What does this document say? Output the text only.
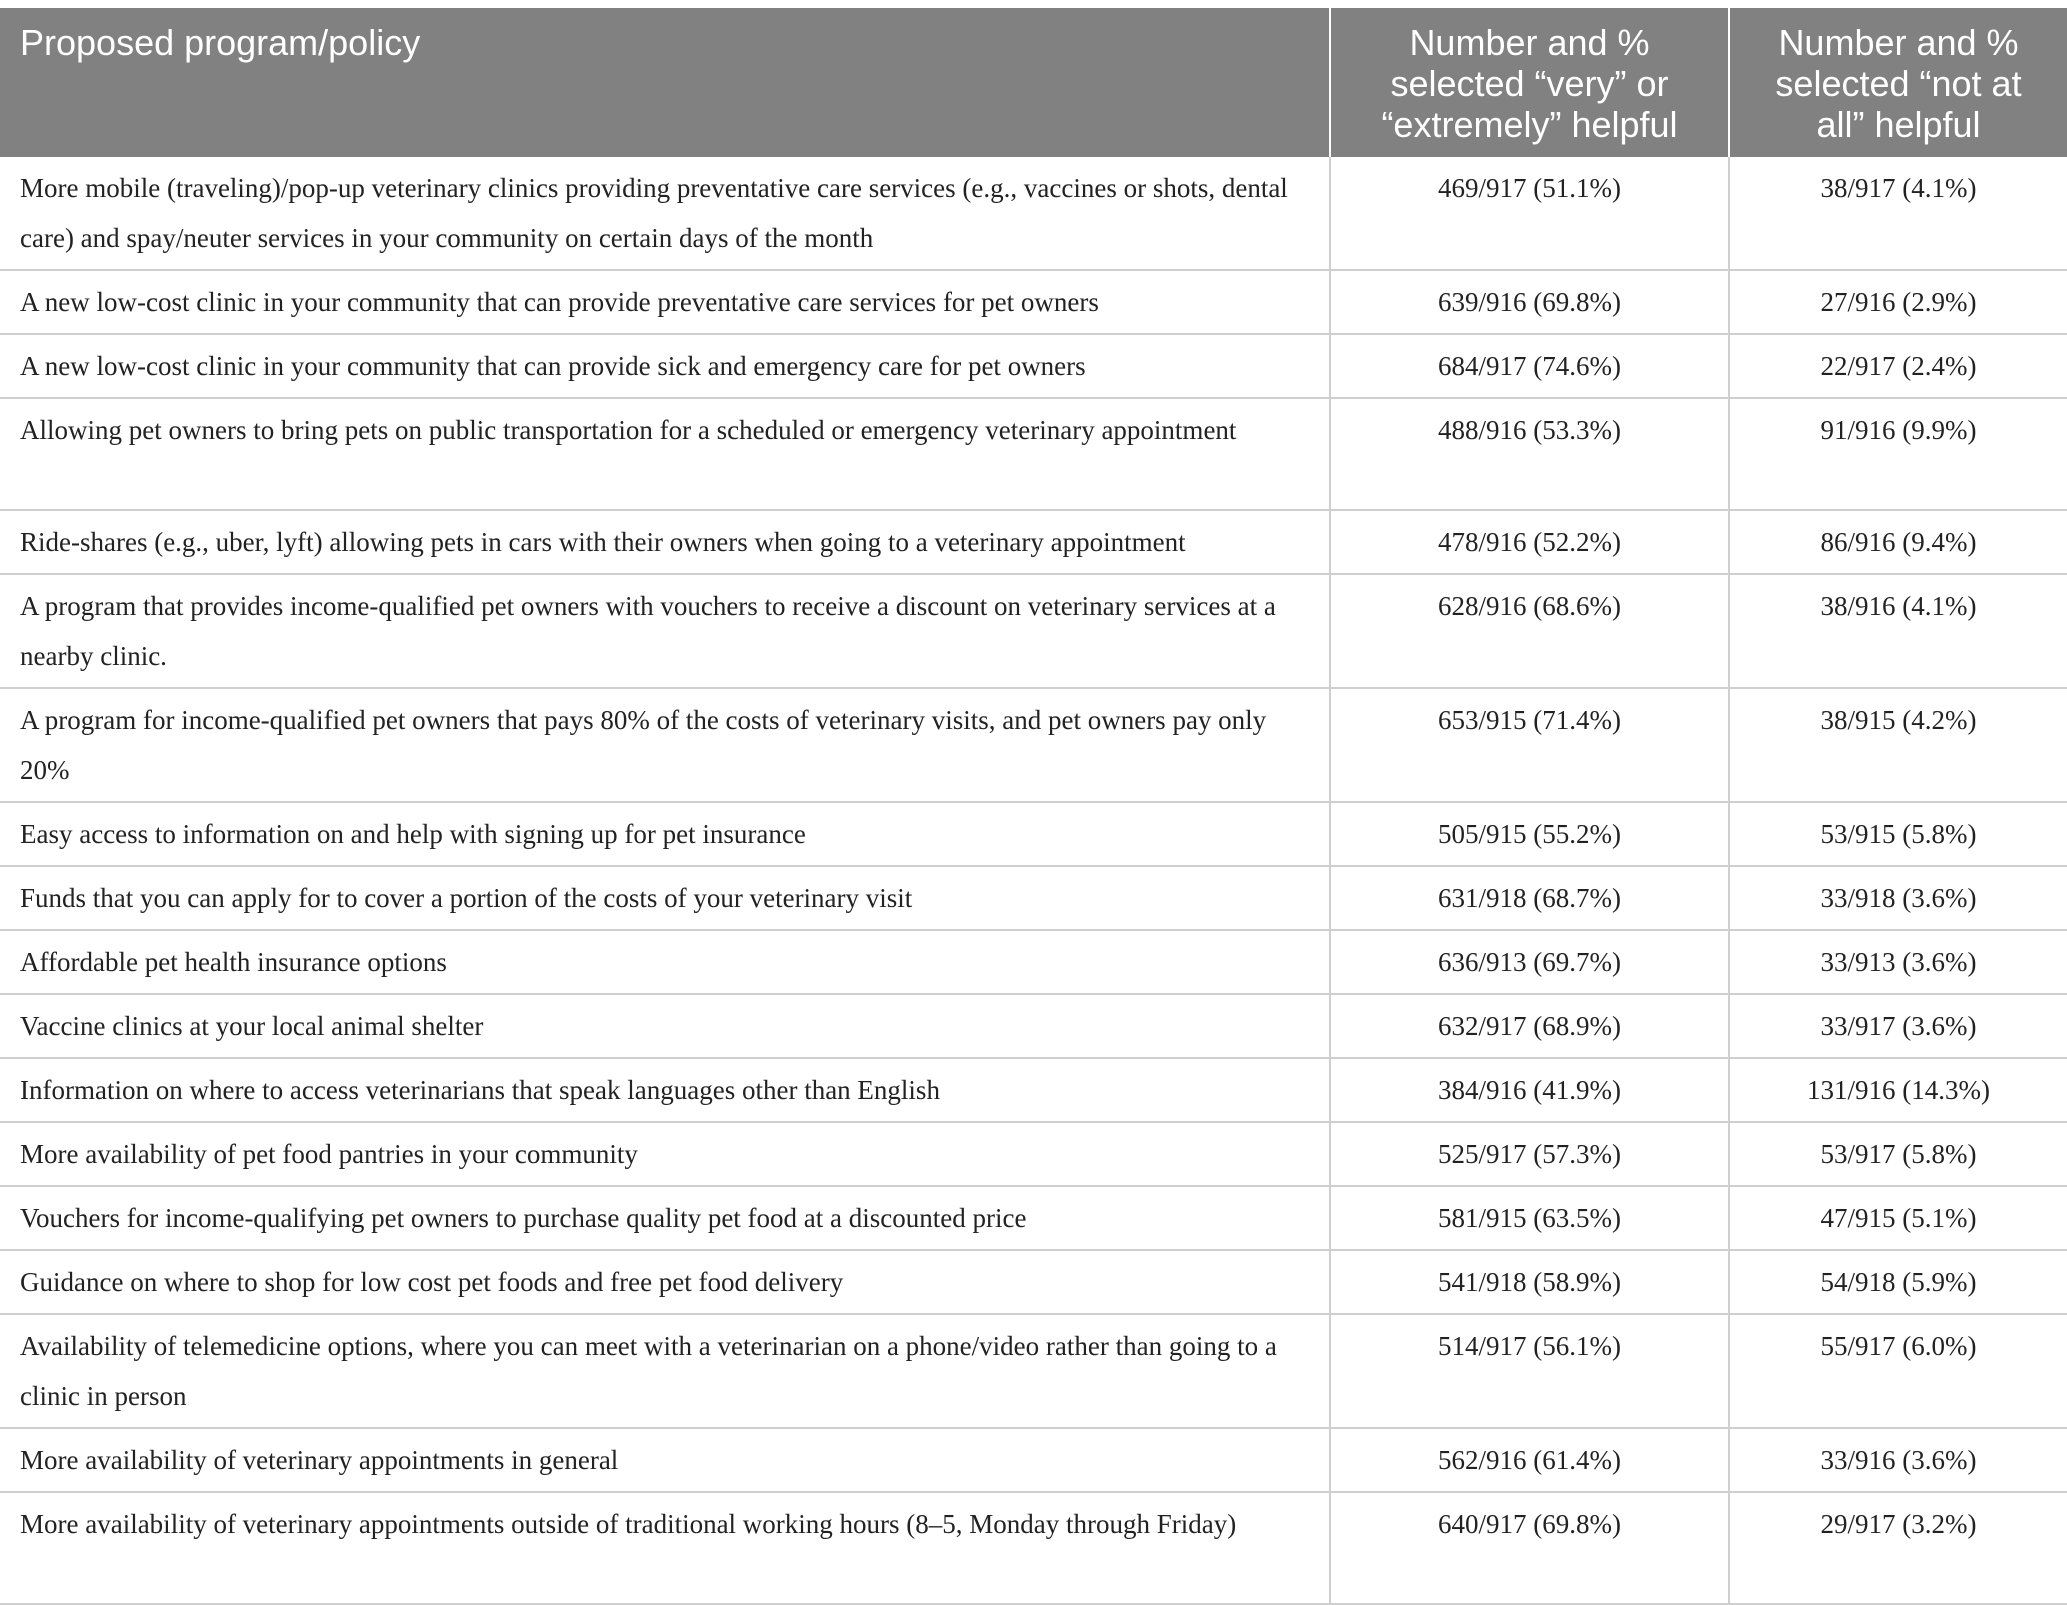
Proposed program/policy	Number and % selected “very” or “extremely” helpful	Number and % selected “not at all” helpful
More mobile (traveling)/pop-up veterinary clinics providing preventative care services (e.g., vaccines or shots, dental care) and spay/neuter services in your community on certain days of the month	469/917 (51.1%)	38/917 (4.1%)
A new low-cost clinic in your community that can provide preventative care services for pet owners	639/916 (69.8%)	27/916 (2.9%)
A new low-cost clinic in your community that can provide sick and emergency care for pet owners	684/917 (74.6%)	22/917 (2.4%)
Allowing pet owners to bring pets on public transportation for a scheduled or emergency veterinary appointment	488/916 (53.3%)	91/916 (9.9%)
Ride-shares (e.g., uber, lyft) allowing pets in cars with their owners when going to a veterinary appointment	478/916 (52.2%)	86/916 (9.4%)
A program that provides income-qualified pet owners with vouchers to receive a discount on veterinary services at a nearby clinic.	628/916 (68.6%)	38/916 (4.1%)
A program for income-qualified pet owners that pays 80% of the costs of veterinary visits, and pet owners pay only 20%	653/915 (71.4%)	38/915 (4.2%)
Easy access to information on and help with signing up for pet insurance	505/915 (55.2%)	53/915 (5.8%)
Funds that you can apply for to cover a portion of the costs of your veterinary visit	631/918 (68.7%)	33/918 (3.6%)
Affordable pet health insurance options	636/913 (69.7%)	33/913 (3.6%)
Vaccine clinics at your local animal shelter	632/917 (68.9%)	33/917 (3.6%)
Information on where to access veterinarians that speak languages other than English	384/916 (41.9%)	131/916 (14.3%)
More availability of pet food pantries in your community	525/917 (57.3%)	53/917 (5.8%)
Vouchers for income-qualifying pet owners to purchase quality pet food at a discounted price	581/915 (63.5%)	47/915 (5.1%)
Guidance on where to shop for low cost pet foods and free pet food delivery	541/918 (58.9%)	54/918 (5.9%)
Availability of telemedicine options, where you can meet with a veterinarian on a phone/video rather than going to a clinic in person	514/917 (56.1%)	55/917 (6.0%)
More availability of veterinary appointments in general	562/916 (61.4%)	33/916 (3.6%)
More availability of veterinary appointments outside of traditional working hours (8–5, Monday through Friday)	640/917 (69.8%)	29/917 (3.2%)
